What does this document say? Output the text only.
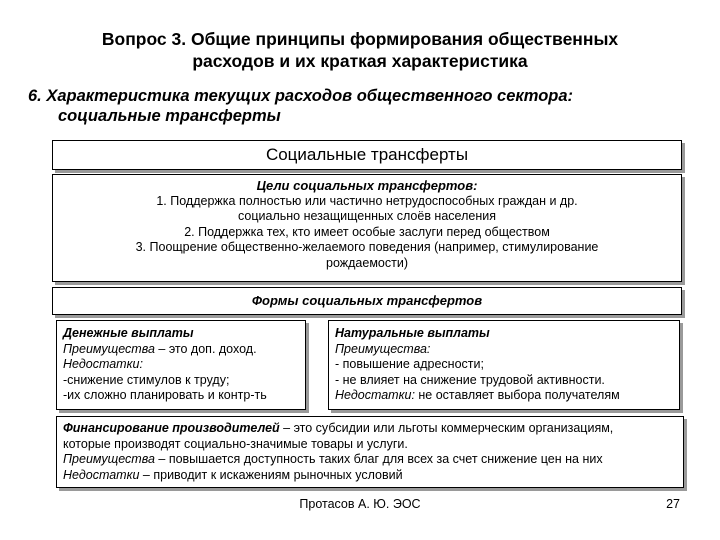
Вопрос 3. Общие принципы формирования общественных
расходов и их краткая характеристика
6. Характеристика текущих расходов общественного сектора:
социальные трансферты
Социальные трансферты
Цели социальных трансфертов:
1. Поддержка полностью или частично нетрудоспособных граждан и др.
социально незащищенных слоёв населения
2. Поддержка тех, кто имеет особые заслуги перед обществом
3. Поощрение общественно-желаемого поведения (например, стимулирование
рождаемости)
Формы социальных трансфертов
Денежные выплаты
Преимущества – это доп. доход.
Недостатки:
-снижение стимулов к труду;
-их сложно планировать и контр-ть
Натуральные выплаты
Преимущества:
- повышение адресности;
- не влияет на снижение трудовой активности.
Недостатки: не оставляет выбора получателям
Финансирование производителей – это субсидии или льготы коммерческим организациям,
которые производят социально-значимые товары и услуги.
Преимущества – повышается доступность таких благ для всех за счет снижение цен на них
Недостатки – приводит к искажениям рыночных условий
Протасов А. Ю. ЭОС	27
